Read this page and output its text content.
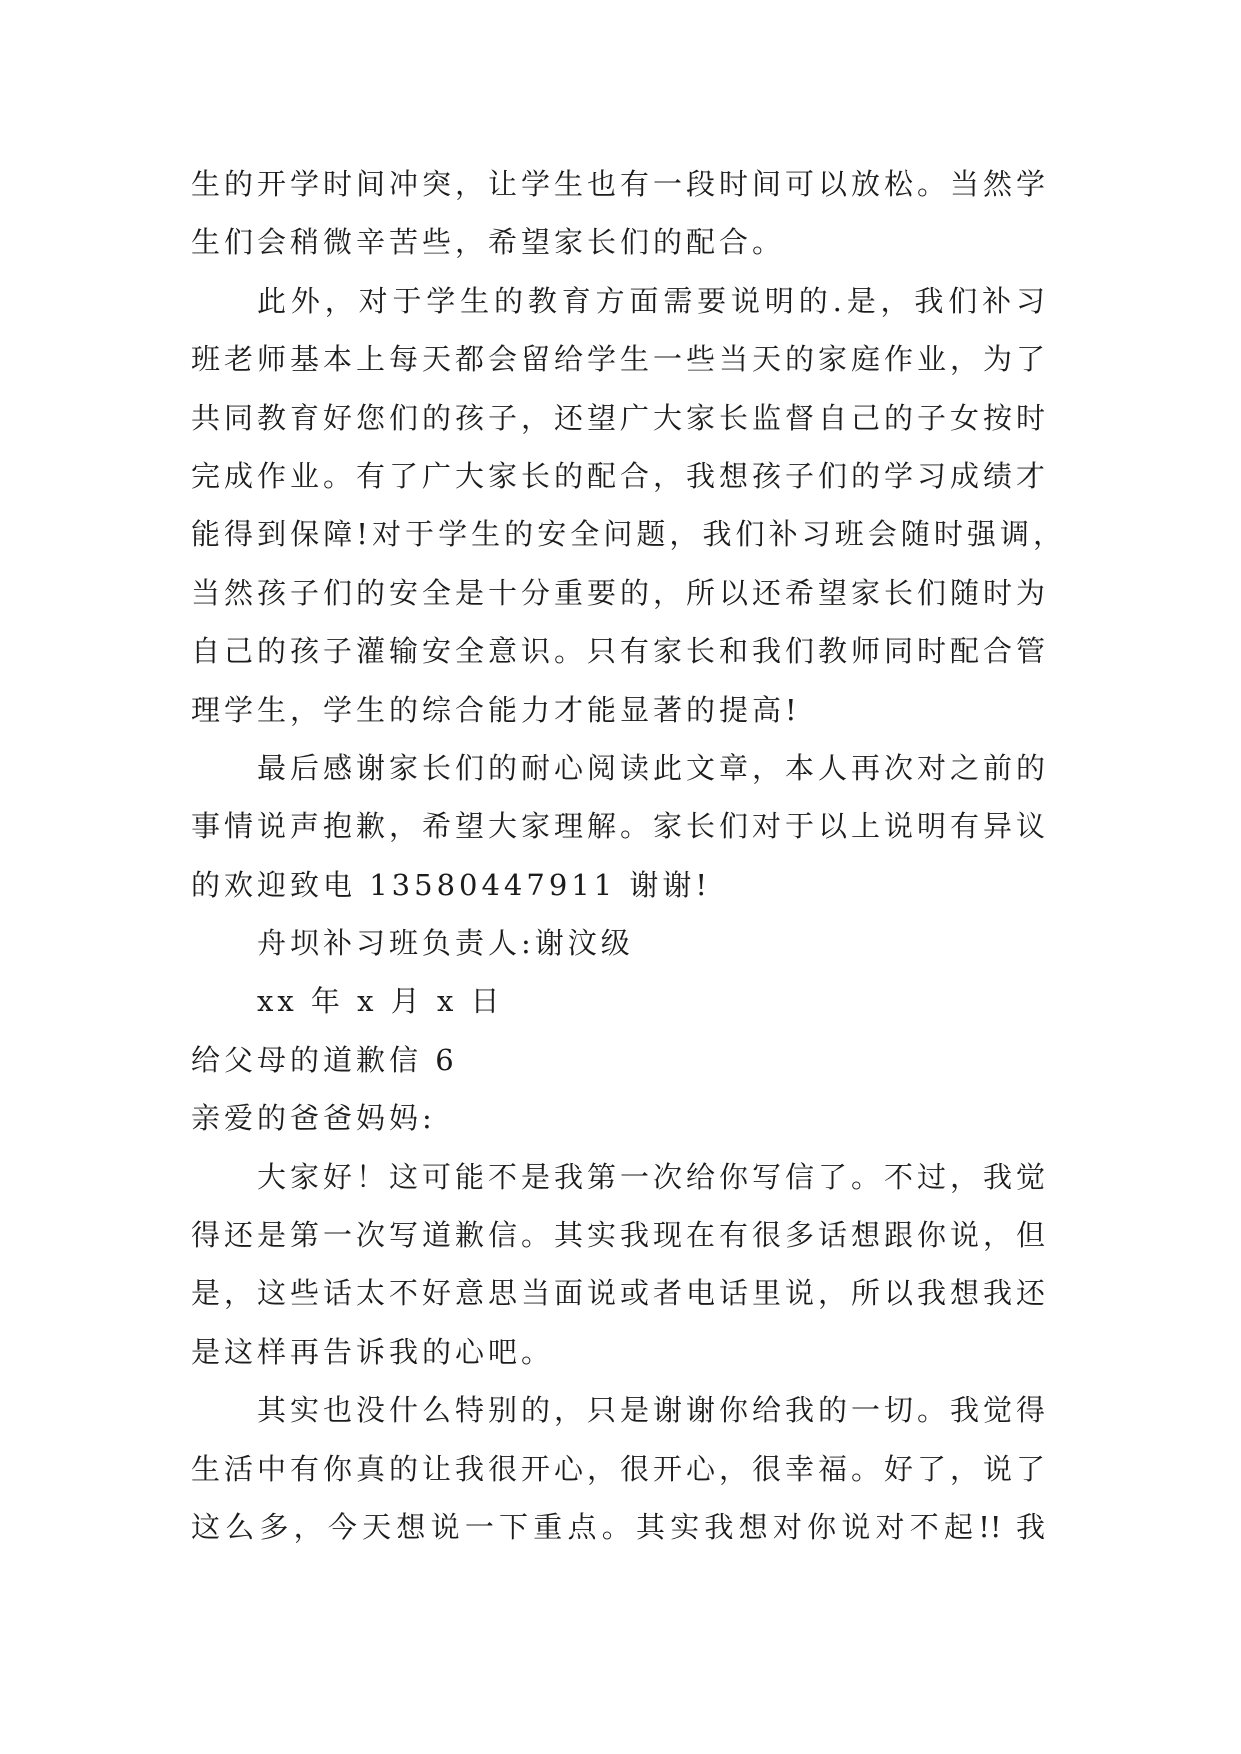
生的开学时间冲突，让学生也有一段时间可以放松。当然学
生们会稍微辛苦些，希望家长们的配合。
此外，对于学生的教育方面需要说明的.是，我们补习
班老师基本上每天都会留给学生一些当天的家庭作业，为了
共同教育好您们的孩子，还望广大家长监督自己的子女按时
完成作业。有了广大家长的配合，我想孩子们的学习成绩才
能得到保障!对于学生的安全问题，我们补习班会随时强调，
当然孩子们的安全是十分重要的，所以还希望家长们随时为
自己的孩子灌输安全意识。只有家长和我们教师同时配合管
理学生，学生的综合能力才能显著的提高!
最后感谢家长们的耐心阅读此文章，本人再次对之前的
事情说声抱歉，希望大家理解。家长们对于以上说明有异议
的欢迎致电 13580447911 谢谢!
舟坝补习班负责人:谢汶级
xx 年 x 月 x 日
给父母的道歉信 6
亲爱的爸爸妈妈:
大家好！这可能不是我第一次给你写信了。不过，我觉
得还是第一次写道歉信。其实我现在有很多话想跟你说，但
是，这些话太不好意思当面说或者电话里说，所以我想我还
是这样再告诉我的心吧。
其实也没什么特别的，只是谢谢你给我的一切。我觉得
生活中有你真的让我很开心，很开心，很幸福。好了，说了
这么多，今天想说一下重点。其实我想对你说对不起!! 我
